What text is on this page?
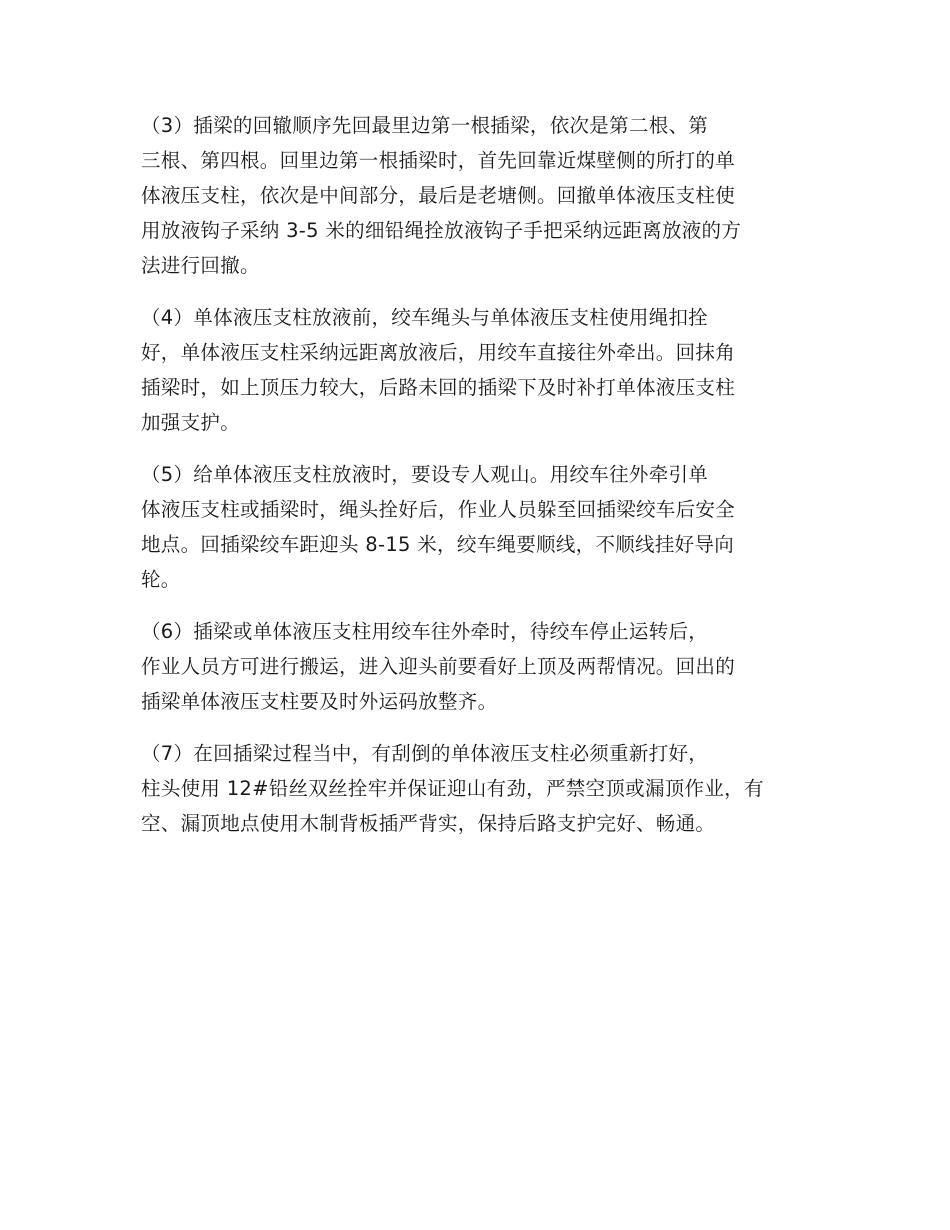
（3）插梁的回辙顺序先回最里边第一根插梁，依次是第二根、第
三根、第四根。回里边第一根插梁时，首先回靠近煤壁侧的所打的单
体液压支柱，依次是中间部分，最后是老塘侧。回撤单体液压支柱使
用放液钩子采纳 3-5 米的细铅绳拴放液钩子手把采纳远距离放液的方
法进行回撤。

（4）单体液压支柱放液前，绞车绳头与单体液压支柱使用绳扣拴
好，单体液压支柱采纳远距离放液后，用绞车直接往外牵出。回抹角
插梁时，如上顶压力较大，后路未回的插梁下及时补打单体液压支柱
加强支护。

（5）给单体液压支柱放液时，要设专人观山。用绞车往外牵引单
体液压支柱或插梁时，绳头拴好后，作业人员躲至回插梁绞车后安全
地点。回插梁绞车距迎头 8-15 米，绞车绳要顺线，不顺线挂好导向
轮。

（6）插梁或单体液压支柱用绞车往外牵时，待绞车停止运转后，
作业人员方可进行搬运，进入迎头前要看好上顶及两帮情况。回出的
插梁单体液压支柱要及时外运码放整齐。

（7）在回插梁过程当中，有刮倒的单体液压支柱必须重新打好，
柱头使用 12#铅丝双丝拴牢并保证迎山有劲，严禁空顶或漏顶作业，有
空、漏顶地点使用木制背板插严背实，保持后路支护完好、畅通。
